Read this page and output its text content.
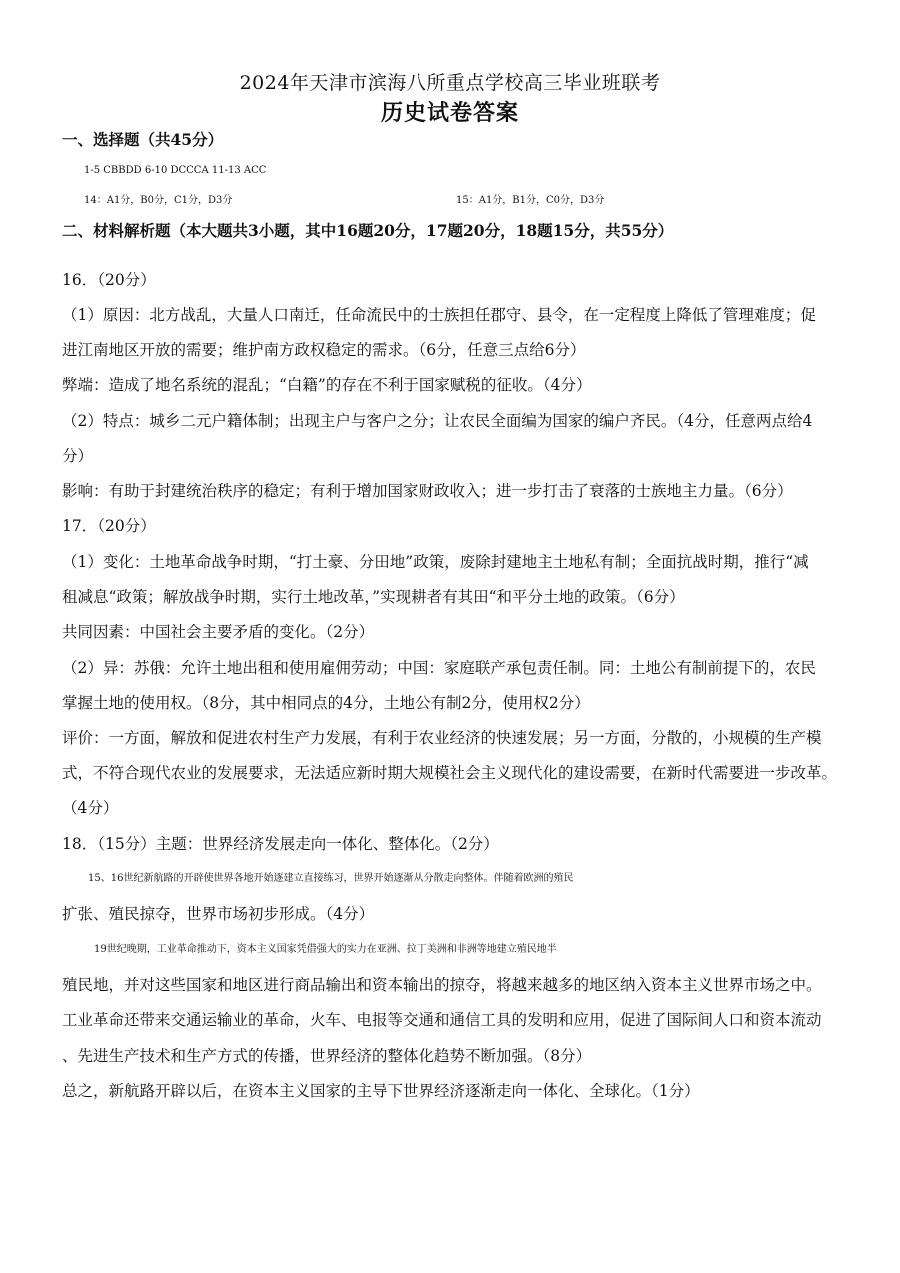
2024年天津市滨海八所重点学校高三毕业班联考
历史试卷答案
一、选择题（共45分）
1-5 CBBDD 6-10 DCCCA 11-13 ACC
14：A1分，B0分，C1分，D3分	15：A1分，B1分，C0分，D3分
二、材料解析题（本大题共3小题，其中16题20分，17题20分，18题15分，共55分）
16．（20分）
（1）原因：北方战乱，大量人口南迁，任命流民中的士族担任郡守、县令，在一定程度上降低了管理难度；促
进江南地区开放的需要；维护南方政权稳定的需求。（6分，任意三点给6分）
弊端：造成了地名系统的混乱；“白籍”的存在不利于国家赋税的征收。（4分）
（2）特点：城乡二元户籍体制；出现主户与客户之分；让农民全面编为国家的编户齐民。（4分，任意两点给4
分）
影响：有助于封建统治秩序的稳定；有利于增加国家财政收入；进一步打击了衰落的士族地主力量。（6分）
17．（20分）
（1）变化：土地革命战争时期，“打土豪、分田地”政策，废除封建地主土地私有制；全面抗战时期，推行“减
租减息“政策；解放战争时期，实行土地改革，”实现耕者有其田“和平分土地的政策。（6分）
共同因素：中国社会主要矛盾的变化。（2分）
（2）异：苏俄：允许土地出租和使用雇佣劳动；中国：家庭联产承包责任制。同：土地公有制前提下的，农民
掌握土地的使用权。（8分，其中相同点的4分，土地公有制2分，使用权2分）
评价：一方面，解放和促进农村生产力发展，有利于农业经济的快速发展；另一方面，分散的，小规模的生产模
式，不符合现代农业的发展要求，无法适应新时期大规模社会主义现代化的建设需要，在新时代需要进一步改革。
（4分）
18．（15分）主题：世界经济发展走向一体化、整体化。（2分）
15、16世纪新航路的开辟使世界各地开始逐建立直接练习，世界开始逐渐从分散走向整体。伴随着欧洲的殖民
扩张、殖民掠夺，世界市场初步形成。（4分）
19世纪晚期，工业革命推动下，资本主义国家凭借强大的实力在亚洲、拉丁美洲和非洲等地建立殖民地半
殖民地，并对这些国家和地区进行商品输出和资本输出的掠夺，将越来越多的地区纳入资本主义世界市场之中。
工业革命还带来交通运输业的革命，火车、电报等交通和通信工具的发明和应用，促进了国际间人口和资本流动
、先进生产技术和生产方式的传播，世界经济的整体化趋势不断加强。（8分）
总之，新航路开辟以后，在资本主义国家的主导下世界经济逐渐走向一体化、全球化。（1分）
